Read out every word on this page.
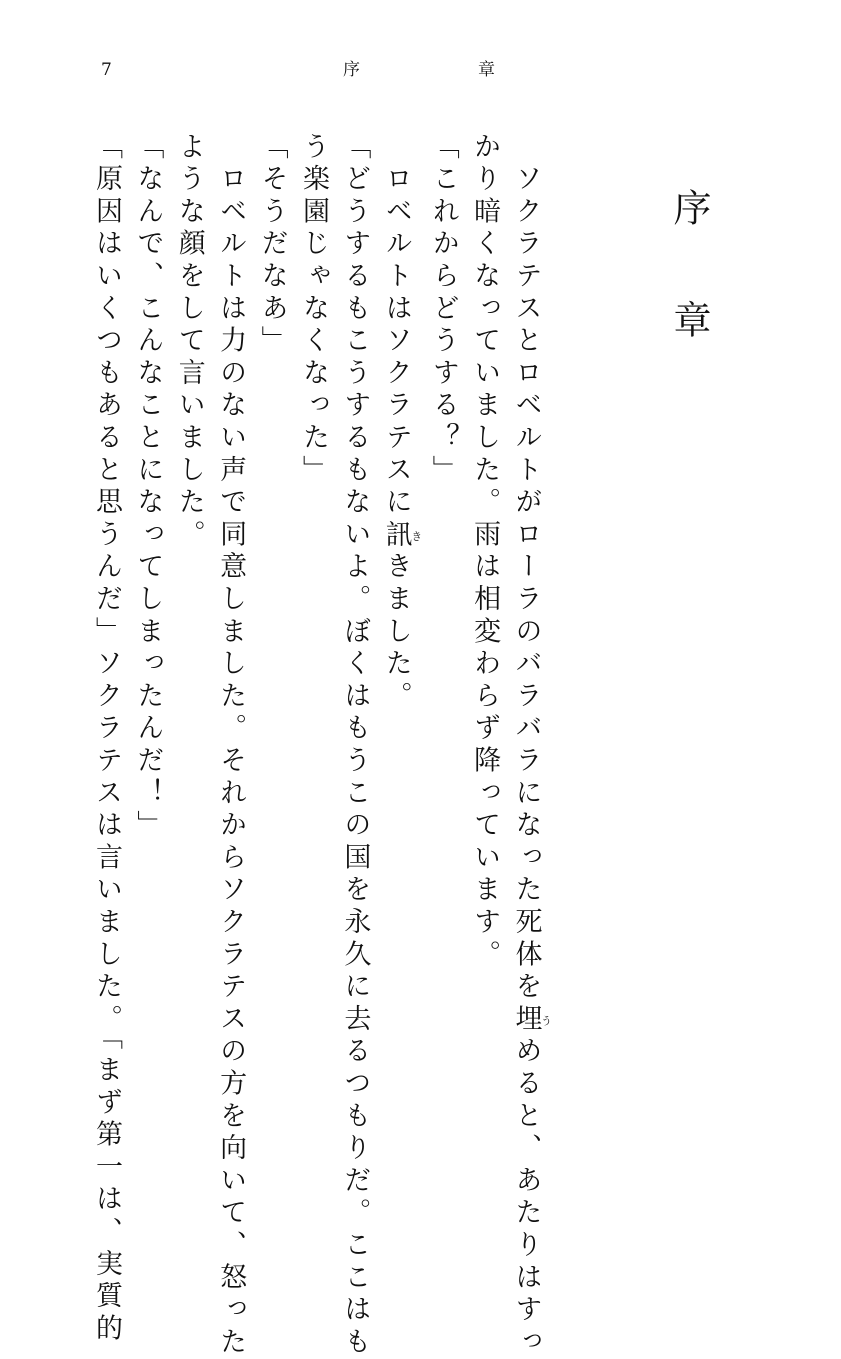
7	序	章
序　章
　ソクラテスとロベルトがローラのバラバラになった死体を埋うめると、あたりはすっ
かり暗くなっていました。雨は相変わらず降っています。
「これからどうする？」
　ロベルトはソクラテスに訊ききました。
「どうするもこうするもないよ。ぼくはもうこの国を永久に去るつもりだ。ここはも
う楽園じゃなくなった」
「そうだなあ」
　ロベルトは力のない声で同意しました。それからソクラテスの方を向いて、怒った
ような顔をして言いました。
「なんで、こんなことになってしまったんだ！」
「原因はいくつもあると思うんだ」ソクラテスは言いました。「まず第一は、実質的
